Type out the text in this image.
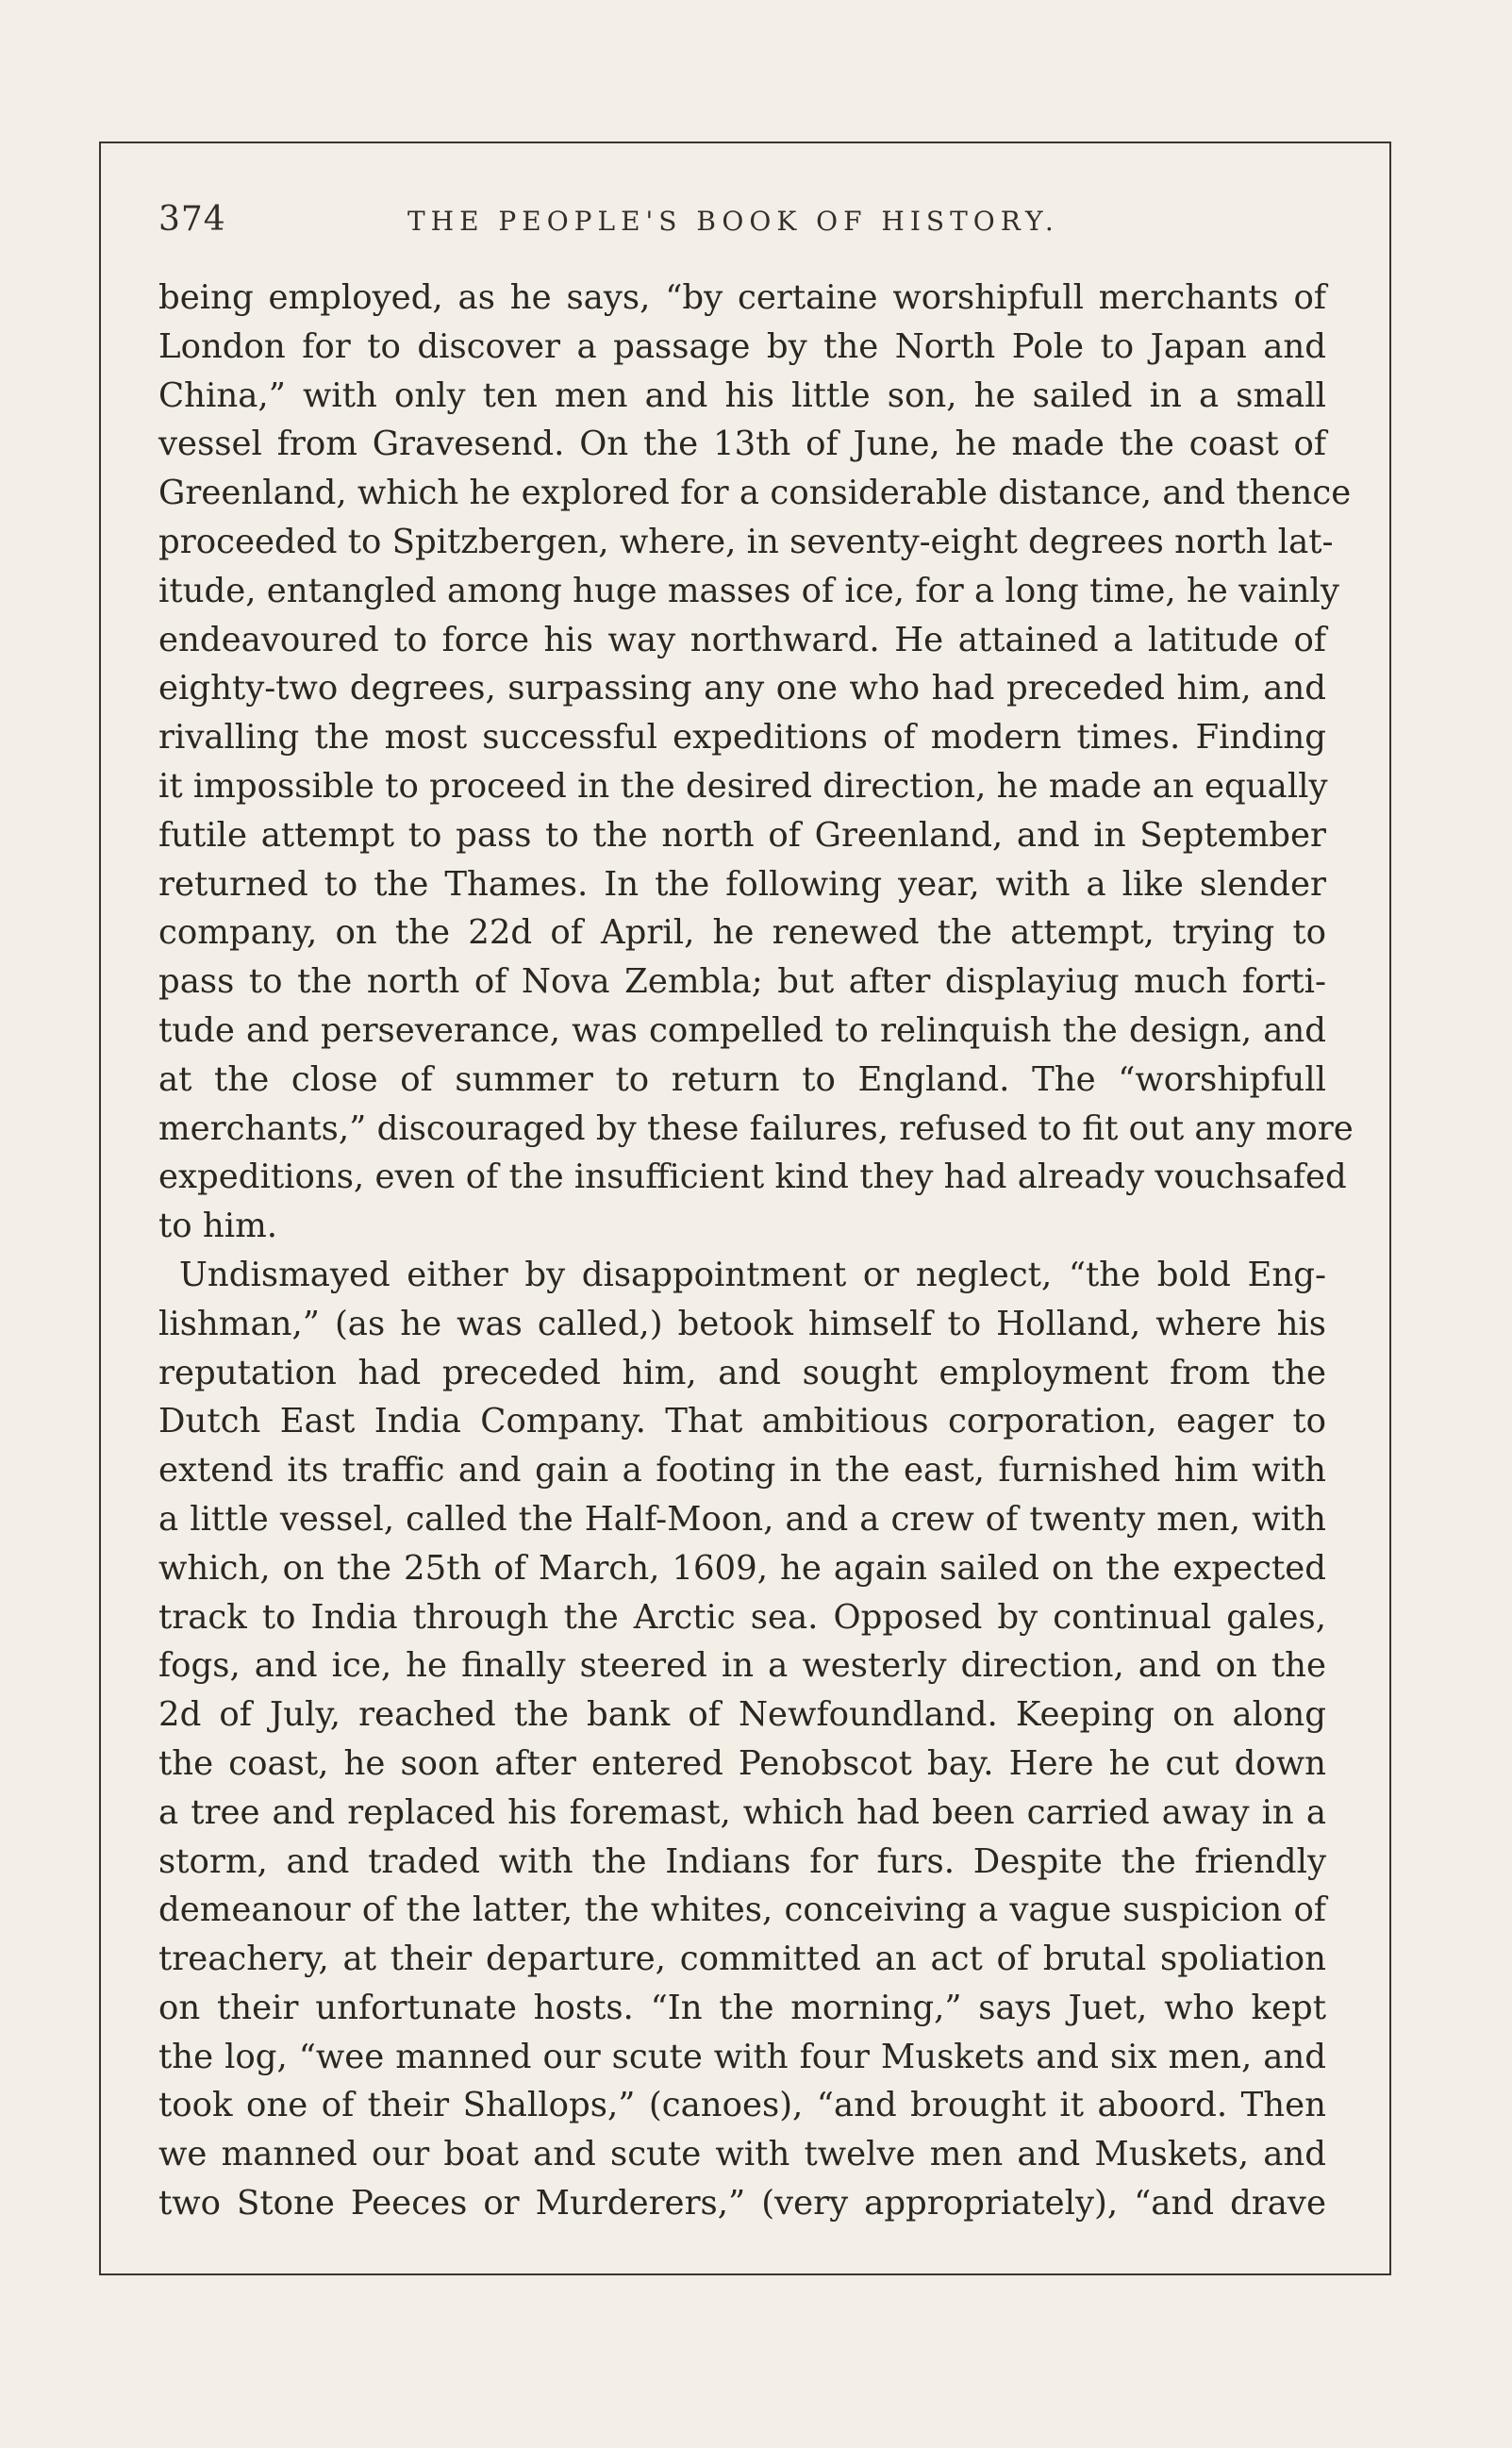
374	THE PEOPLE'S BOOK OF HISTORY.
being employed, as he says, “by certaine worshipfull merchants of
London for to discover a passage by the North Pole to Japan and
China,” with only ten men and his little son, he sailed in a small
vessel from Gravesend. On the 13th of June, he made the coast of
Greenland, which he explored for a considerable distance, and thence
proceeded to Spitzbergen, where, in seventy-eight degrees north lat-
itude, entangled among huge masses of ice, for a long time, he vainly
endeavoured to force his way northward. He attained a latitude of
eighty-two degrees, surpassing any one who had preceded him, and
rivalling the most successful expeditions of modern times. Finding
it impossible to proceed in the desired direction, he made an equally
futile attempt to pass to the north of Greenland, and in September
returned to the Thames. In the following year, with a like slender
company, on the 22d of April, he renewed the attempt, trying to
pass to the north of Nova Zembla; but after displayiug much forti-
tude and perseverance, was compelled to relinquish the design, and
at the close of summer to return to England. The “worshipfull
merchants,” discouraged by these failures, refused to fit out any more
expeditions, even of the insufficient kind they had already vouchsafed
to him.
Undismayed either by disappointment or neglect, “the bold Eng-
lishman,” (as he was called,) betook himself to Holland, where his
reputation had preceded him, and sought employment from the
Dutch East India Company. That ambitious corporation, eager to
extend its traffic and gain a footing in the east, furnished him with
a little vessel, called the Half-Moon, and a crew of twenty men, with
which, on the 25th of March, 1609, he again sailed on the expected
track to India through the Arctic sea. Opposed by continual gales,
fogs, and ice, he finally steered in a westerly direction, and on the
2d of July, reached the bank of Newfoundland. Keeping on along
the coast, he soon after entered Penobscot bay. Here he cut down
a tree and replaced his foremast, which had been carried away in a
storm, and traded with the Indians for furs. Despite the friendly
demeanour of the latter, the whites, conceiving a vague suspicion of
treachery, at their departure, committed an act of brutal spoliation
on their unfortunate hosts. “In the morning,” says Juet, who kept
the log, “wee manned our scute with four Muskets and six men, and
took one of their Shallops,” (canoes), “and brought it aboord. Then
we manned our boat and scute with twelve men and Muskets, and
two Stone Peeces or Murderers,” (very appropriately), “and drave
